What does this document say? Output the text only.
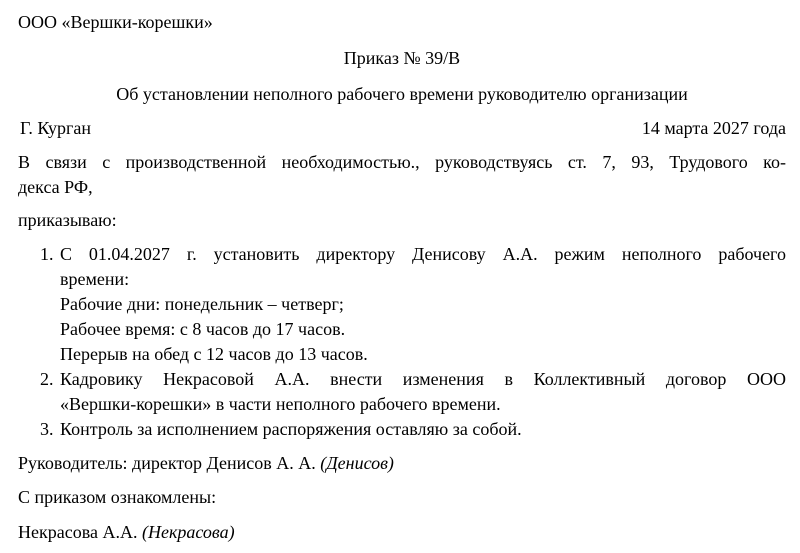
ООО «Вершки-корешки»
Приказ № 39/В
Об установлении неполного рабочего времени руководителю организации
Г. Курган	14 марта 2027 года
В связи с производственной необходимостью., руководствуясь ст. 7, 93, Трудового ко-
декса РФ,
приказываю:
1. С 01.04.2027 г. установить директору Денисову А.А. режим неполного рабочего
времени:
Рабочие дни: понедельник – четверг;
Рабочее время: с 8 часов до 17 часов.
Перерыв на обед с 12 часов до 13 часов.
2. Кадровику Некрасовой А.А. внести изменения в Коллективный договор ООО
«Вершки-корешки» в части неполного рабочего времени.
3. Контроль за исполнением распоряжения оставляю за собой.
Руководитель: директор Денисов А. А. (Денисов)
С приказом ознакомлены:
Некрасова А.А. (Некрасова)
